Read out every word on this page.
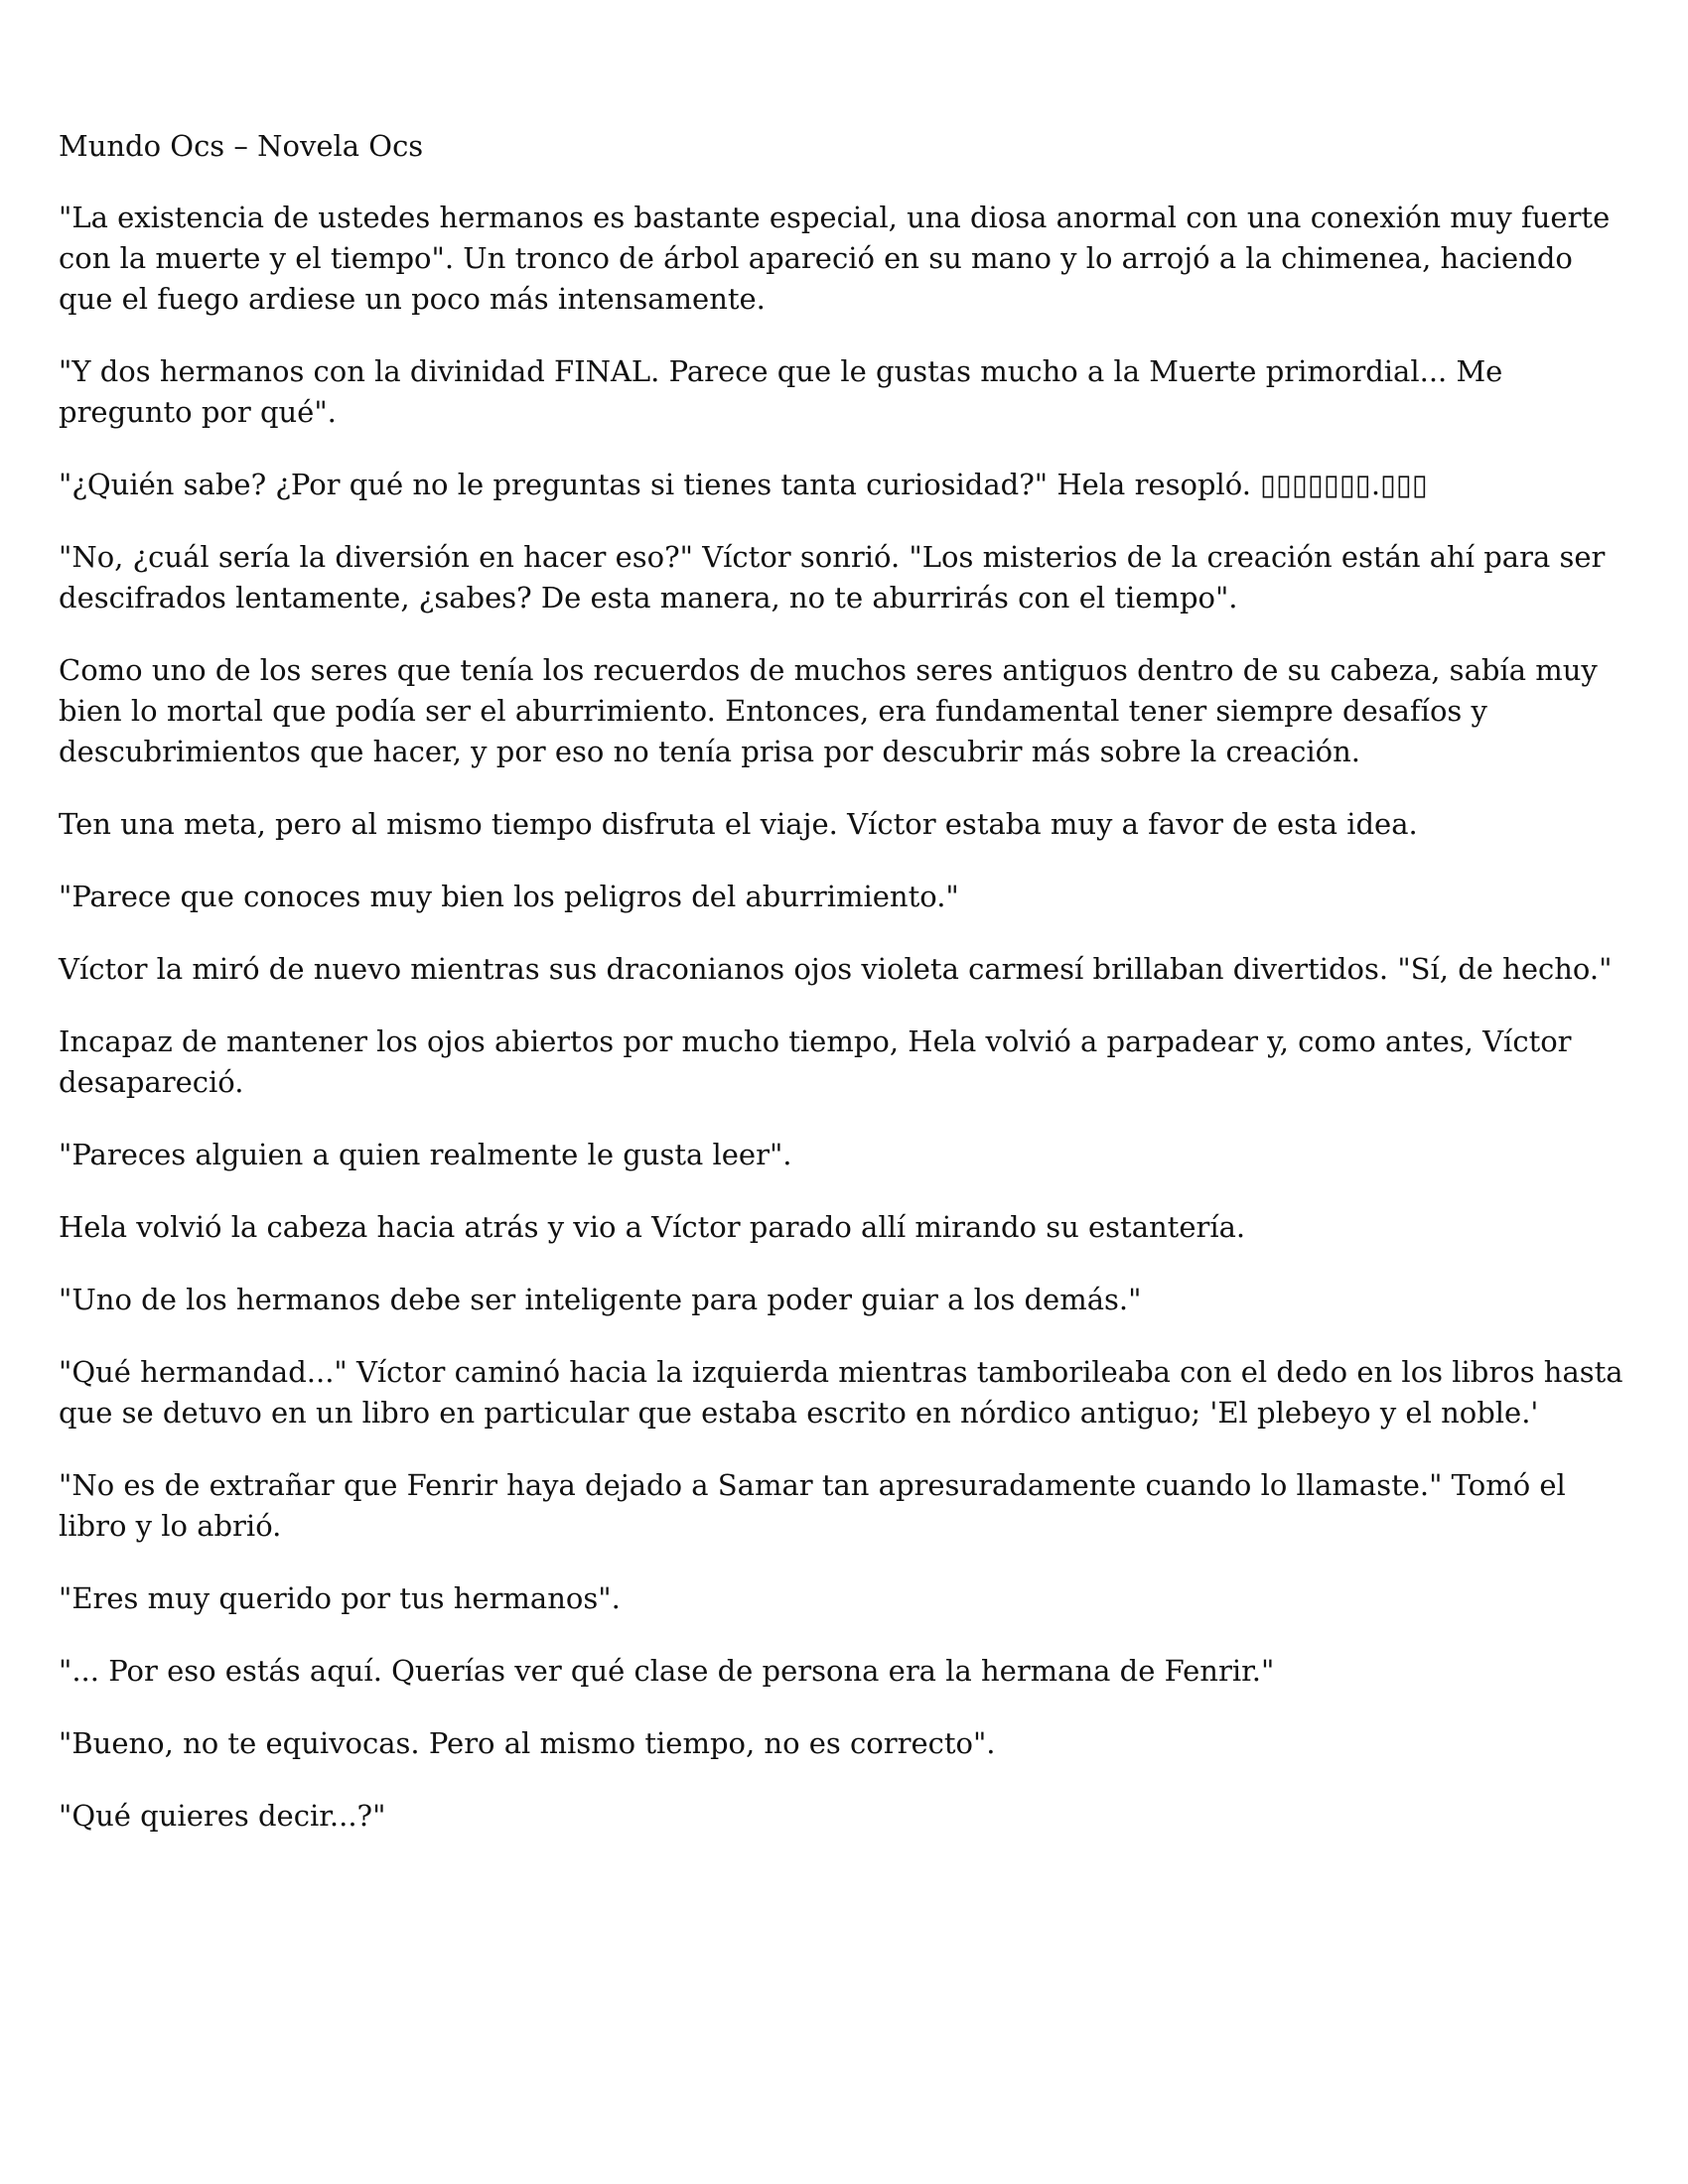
Mundo Ocs – Novela Ocs

"La existencia de ustedes hermanos es bastante especial, una diosa anormal con una conexión muy fuerte con la muerte y el tiempo". Un tronco de árbol apareció en su mano y lo arrojó a la chimenea, haciendo que el fuego ardiese un poco más intensamente.

"Y dos hermanos con la divinidad FINAL. Parece que le gustas mucho a la Muerte primordial... Me pregunto por qué".

"¿Quién sabe? ¿Por qué no le preguntas si tienes tanta curiosidad?" Hela resopló. ▯▯▯▯▯▯▯.▯▯▯

"No, ¿cuál sería la diversión en hacer eso?" Víctor sonrió. "Los misterios de la creación están ahí para ser descifrados lentamente, ¿sabes? De esta manera, no te aburrirás con el tiempo".

Como uno de los seres que tenía los recuerdos de muchos seres antiguos dentro de su cabeza, sabía muy bien lo mortal que podía ser el aburrimiento. Entonces, era fundamental tener siempre desafíos y descubrimientos que hacer, y por eso no tenía prisa por descubrir más sobre la creación.

Ten una meta, pero al mismo tiempo disfruta el viaje. Víctor estaba muy a favor de esta idea.

"Parece que conoces muy bien los peligros del aburrimiento."

Víctor la miró de nuevo mientras sus draconianos ojos violeta carmesí brillaban divertidos. "Sí, de hecho."

Incapaz de mantener los ojos abiertos por mucho tiempo, Hela volvió a parpadear y, como antes, Víctor desapareció.

"Pareces alguien a quien realmente le gusta leer".

Hela volvió la cabeza hacia atrás y vio a Víctor parado allí mirando su estantería.

"Uno de los hermanos debe ser inteligente para poder guiar a los demás."

"Qué hermandad..." Víctor caminó hacia la izquierda mientras tamborileaba con el dedo en los libros hasta que se detuvo en un libro en particular que estaba escrito en nórdico antiguo; 'El plebeyo y el noble.'

"No es de extrañar que Fenrir haya dejado a Samar tan apresuradamente cuando lo llamaste." Tomó el libro y lo abrió.

"Eres muy querido por tus hermanos".

"... Por eso estás aquí. Querías ver qué clase de persona era la hermana de Fenrir."

"Bueno, no te equivocas. Pero al mismo tiempo, no es correcto".

"Qué quieres decir...?"
